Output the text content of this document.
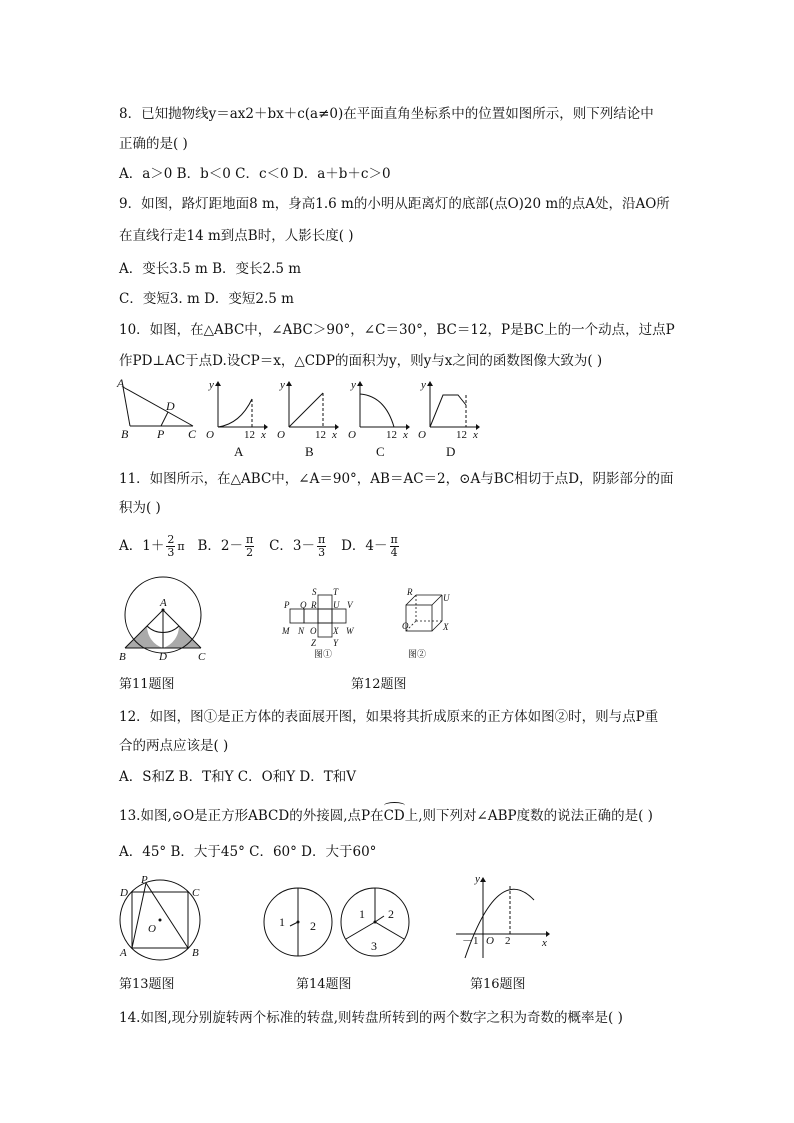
8．已知抛物线y＝ax2＋bx＋c(a≠0)在平面直角坐标系中的位置如图所示，则下列结论中
正确的是( )
A．a＞0 B．b＜0 C．c＜0 D．a＋b＋c＞0
9．如图，路灯距地面8 m，身高1.6 m的小明从距离灯的底部(点O)20 m的点A处，沿AO所
在直线行走14 m到点B时，人影长度( )
A．变长3.5 m B．变长2.5 m
C．变短3. m D．变短2.5 m
10．如图，在△ABC中，∠ABC＞90°，∠C＝30°，BC＝12，P是BC上的一个动点，过点P
作PD⊥AC于点D.设CP＝x，△CDP的面积为y，则y与x之间的函数图像大致为( )
A
D
B P C
y
O	12 x
A
y
O	12 x
B
y
O	12 x
C
y
O	12 x
D
11．如图所示，在△ABC中，∠A＝90°，AB＝AC＝2，⊙A与BC相切于点D，阴影部分的面
积为( )
A．$1+ \frac{2}{3}$ π B．$2- \frac{\pi}{2}$ C．$3- \frac{\pi}{3}$ D．$4- \frac{\pi}{4}$
A
B	D	C
S T
P Q R U V
M N O X W
Z Y
图①
R
U
O	X
图②
第11题图	第12题图
12．如图，图①是正方体的表面展开图，如果将其折成原来的正方体如图②时，则与点P重
合的两点应该是( )
A．S和Z B．T和Y C．O和Y D．T和V
13.如图,⊙O是正方形ABCD的外接圆,点P在CD上,则下列对∠ABP度数的说法正确的是( )
A．45° B．大于45° C．60° D．大于60°
D
P
C
O
A	B
1 2
1 2
3
y
x
－1 O 2
第13题图	第14题图	第16题图
14.如图,现分别旋转两个标准的转盘,则转盘所转到的两个数字之积为奇数的概率是( )
